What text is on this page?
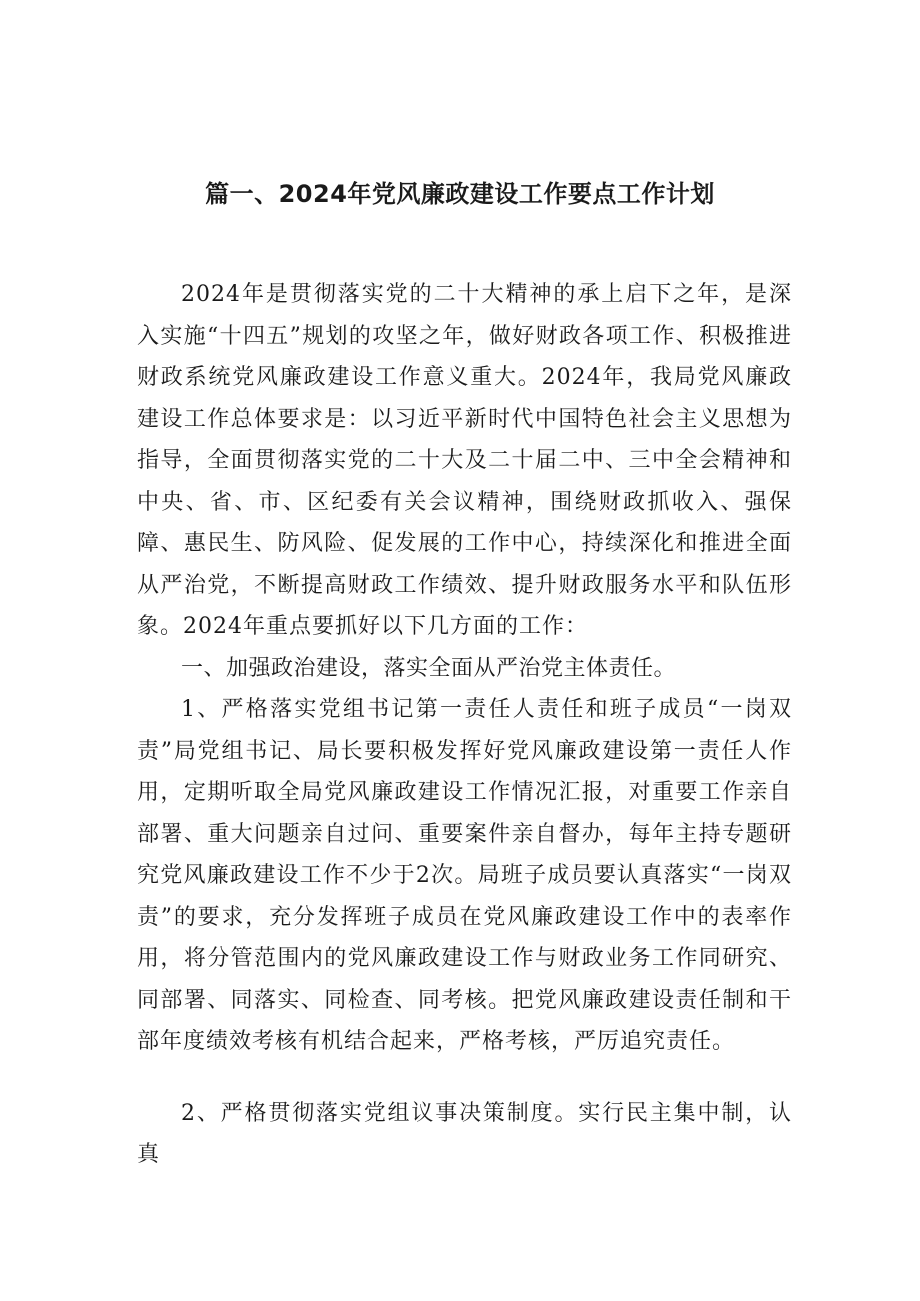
篇一、2024年党风廉政建设工作要点工作计划

2024年是贯彻落实党的二十大精神的承上启下之年，是深入实施“十四五”规划的攻坚之年，做好财政各项工作、积极推进财政系统党风廉政建设工作意义重大。2024年，我局党风廉政建设工作总体要求是：以习近平新时代中国特色社会主义思想为指导，全面贯彻落实党的二十大及二十届二中、三中全会精神和中央、省、市、区纪委有关会议精神，围绕财政抓收入、强保障、惠民生、防风险、促发展的工作中心，持续深化和推进全面从严治党，不断提高财政工作绩效、提升财政服务水平和队伍形象。2024年重点要抓好以下几方面的工作：

一、加强政治建设，落实全面从严治党主体责任。

1、严格落实党组书记第一责任人责任和班子成员“一岗双责”局党组书记、局长要积极发挥好党风廉政建设第一责任人作用，定期听取全局党风廉政建设工作情况汇报，对重要工作亲自部署、重大问题亲自过问、重要案件亲自督办，每年主持专题研究党风廉政建设工作不少于2次。局班子成员要认真落实“一岗双责”的要求，充分发挥班子成员在党风廉政建设工作中的表率作用，将分管范围内的党风廉政建设工作与财政业务工作同研究、同部署、同落实、同检查、同考核。把党风廉政建设责任制和干部年度绩效考核有机结合起来，严格考核，严厉追究责任。

2、严格贯彻落实党组议事决策制度。实行民主集中制，认真
